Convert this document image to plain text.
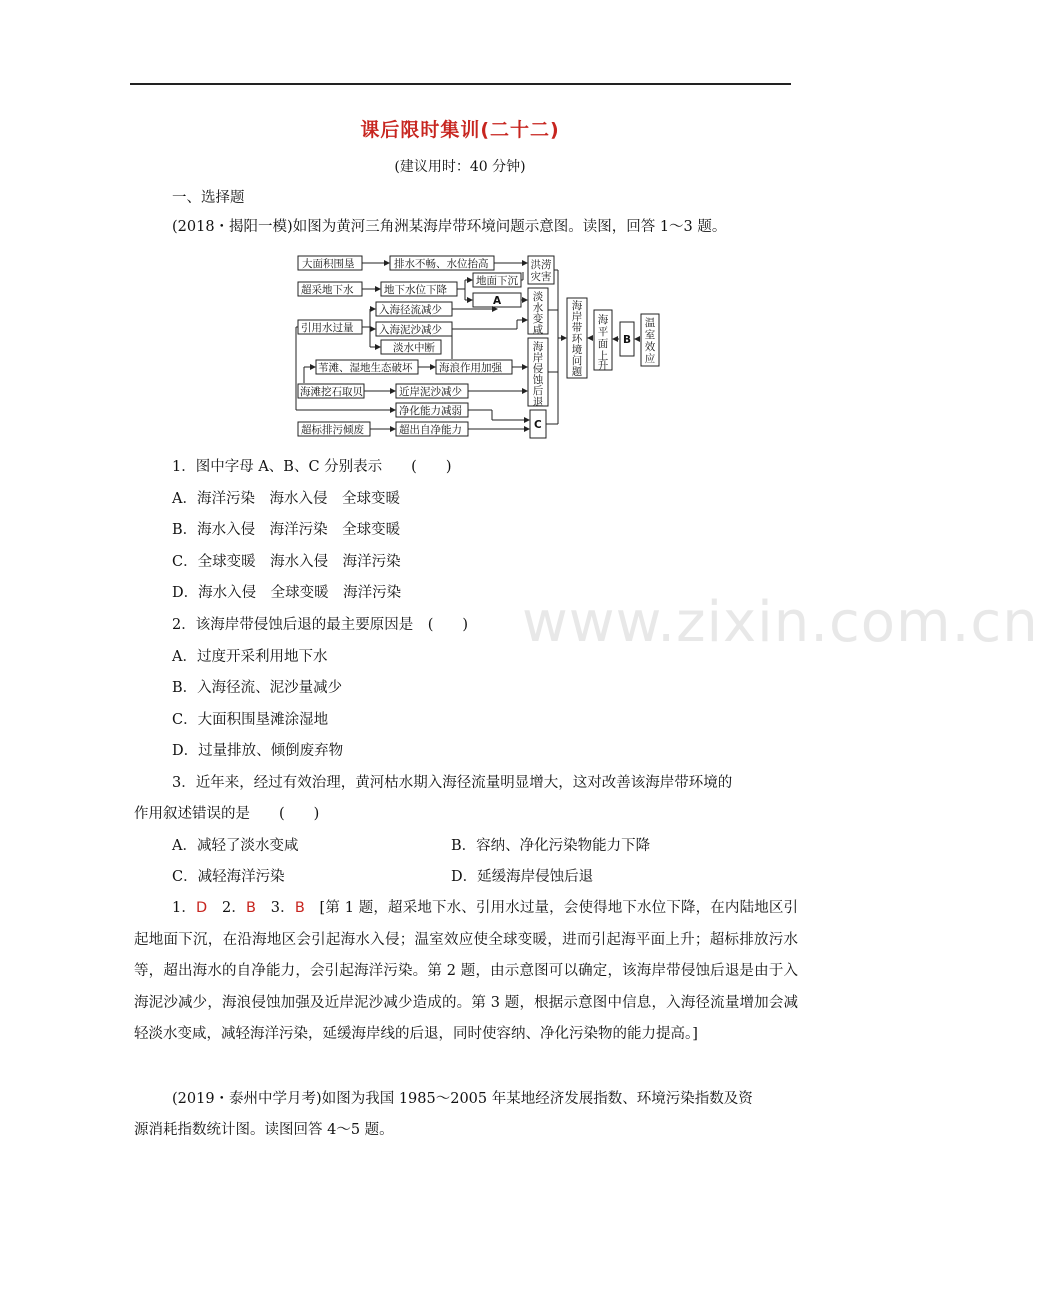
课后限时集训(二十二)
(建议用时：40 分钟)
一、选择题
(2018・揭阳一模)如图为黄河三角洲某海岸带环境问题示意图。读图，回答 1～3 题。
大面积围垦	排水不畅、水位抬高	洪涝
灾害
超采地下水	地下水位下降
地面下沉
A	淡
水
变
咸
入海径流减少
引用水过量 入海泥沙减少
淡水中断	海
岸
侵
蚀
后
退
苇滩、湿地生态破坏	海浪作用加强
海滩挖石取贝	近岸泥沙减少
净化能力减弱
超标排污倾废	超出自净能力	C
海
岸
带
环
境
问
题
海
平
面
上
升
B
温
室
效
应
1．图中字母 A、B、C 分别表示　　(　　)
A．海洋污染　海水入侵　全球变暖
B．海水入侵　海洋污染　全球变暖
C．全球变暖　海水入侵　海洋污染
D．海水入侵　全球变暖　海洋污染
2．该海岸带侵蚀后退的最主要原因是　(　　)
A．过度开采利用地下水
B．入海径流、泥沙量减少
C．大面积围垦滩涂湿地
D．过量排放、倾倒废弃物
3．近年来，经过有效治理，黄河枯水期入海径流量明显增大，这对改善该海岸带环境的
作用叙述错误的是　　(　　)
A．减轻了淡水变咸	B．容纳、净化污染物能力下降
C．减轻海洋污染	D．延缓海岸侵蚀后退
1．D　2．B　3．B　[第 1 题，超采地下水、引用水过量，会使得地下水位下降，在内陆地区引起地面下沉，在沿海地区会引起海水入侵；温室效应使全球变暖，进而引起海平面上升；超标排放污水等，超出海水的自净能力，会引起海洋污染。第 2 题，由示意图可以确定，该海岸带侵蚀后退是由于入海泥沙减少，海浪侵蚀加强及近岸泥沙减少造成的。第 3 题，根据示意图中信息，入海径流量增加会减轻淡水变咸，减轻海洋污染，延缓海岸线的后退，同时使容纳、净化污染物的能力提高。]
(2019・泰州中学月考)如图为我国 1985～2005 年某地经济发展指数、环境污染指数及资
源消耗指数统计图。读图回答 4～5 题。
www.zixin.com.cn
